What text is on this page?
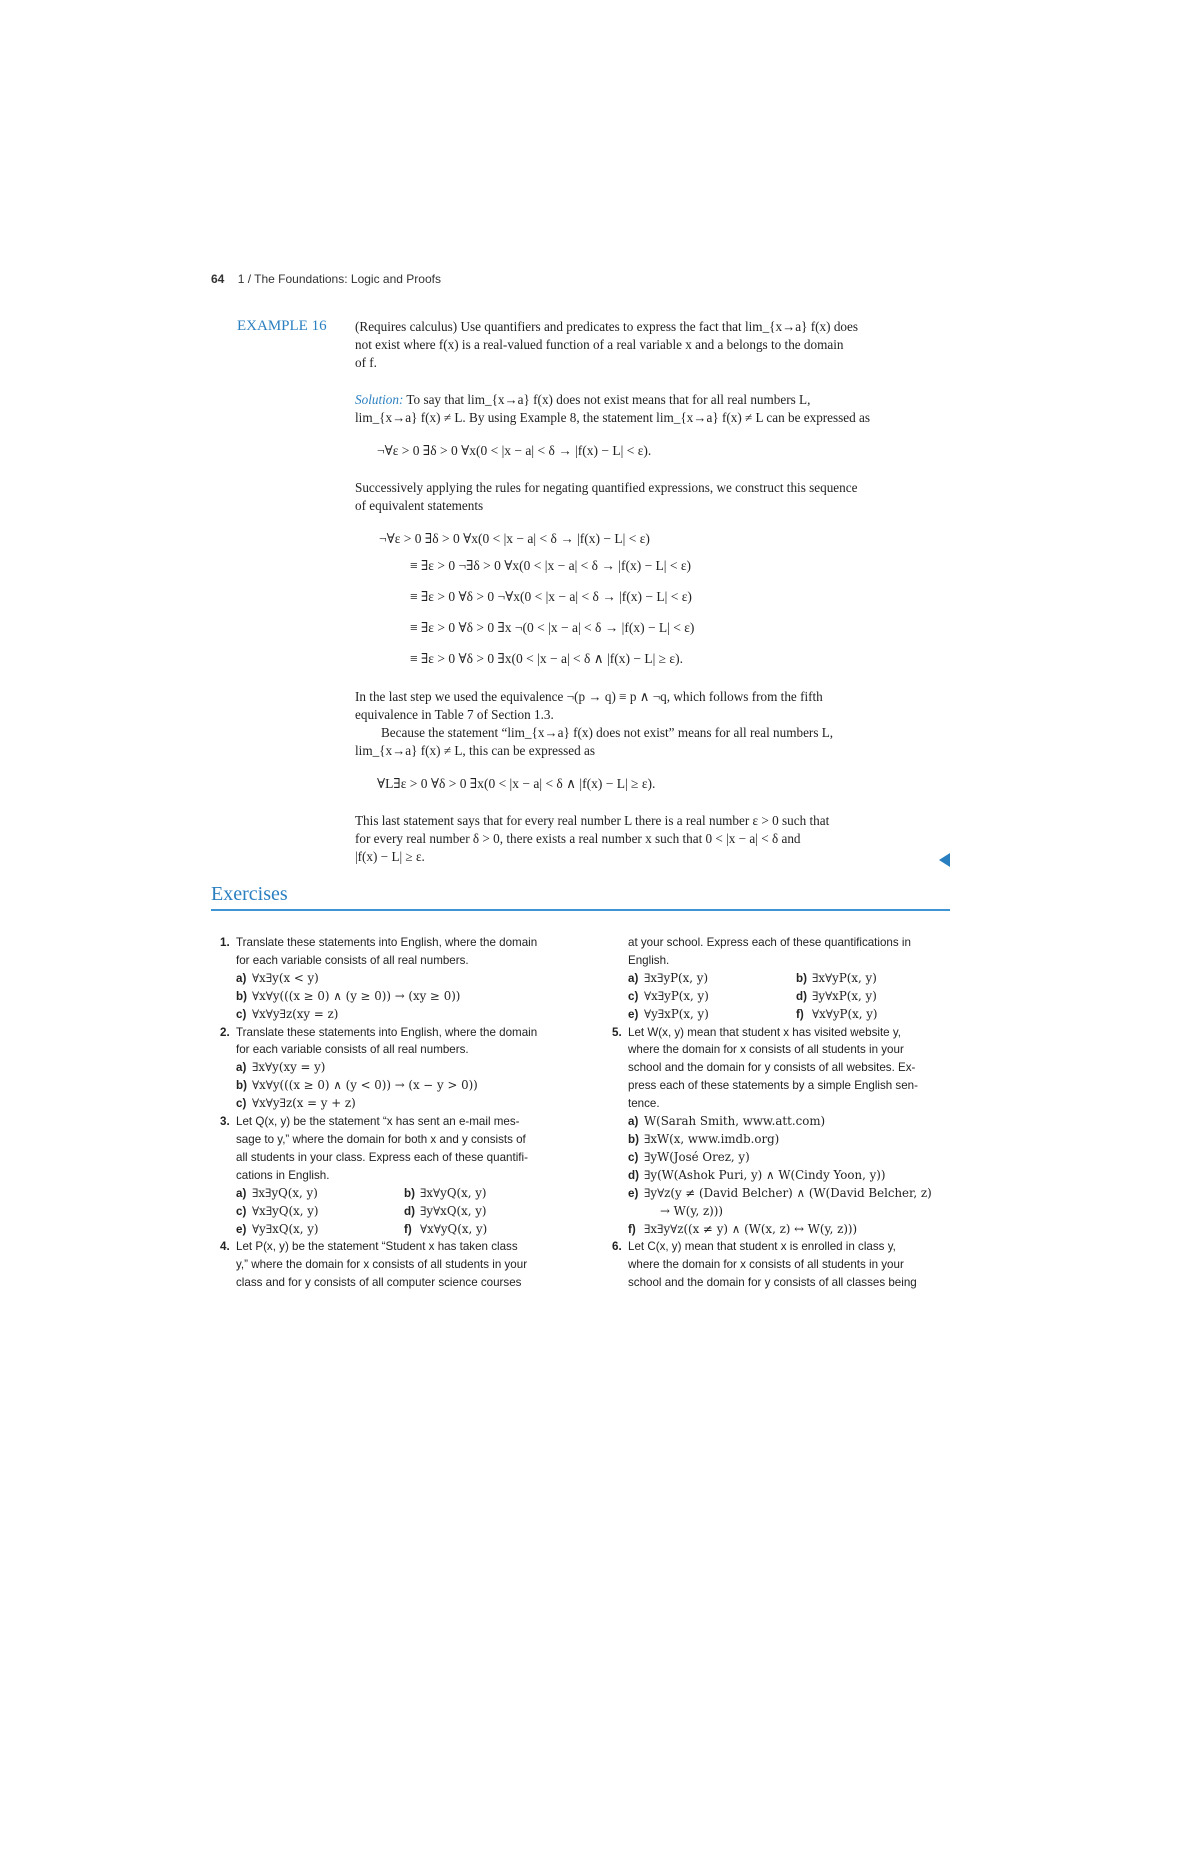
64 1 / The Foundations: Logic and Proofs
EXAMPLE 16 (Requires calculus) Use quantifiers and predicates to express the fact that lim_{x→a} f(x) does
not exist where f(x) is a real-valued function of a real variable x and a belongs to the domain
of f.
Solution: To say that lim_{x→a} f(x) does not exist means that for all real numbers L,
lim_{x→a} f(x) ≠ L. By using Example 8, the statement lim_{x→a} f(x) ≠ L can be expressed as
¬∀ε > 0 ∃δ > 0 ∀x(0 < |x − a| < δ → |f(x) − L| < ε).
Successively applying the rules for negating quantified expressions, we construct this sequence
of equivalent statements
¬∀ε > 0 ∃δ > 0 ∀x(0 < |x − a| < δ → |f(x) − L| < ε)
≡ ∃ε > 0 ¬∃δ > 0 ∀x(0 < |x − a| < δ → |f(x) − L| < ε)
≡ ∃ε > 0 ∀δ > 0 ¬∀x(0 < |x − a| < δ → |f(x) − L| < ε)
≡ ∃ε > 0 ∀δ > 0 ∃x ¬(0 < |x − a| < δ → |f(x) − L| < ε)
≡ ∃ε > 0 ∀δ > 0 ∃x(0 < |x − a| < δ ∧ |f(x) − L| ≥ ε).
In the last step we used the equivalence ¬(p → q) ≡ p ∧ ¬q, which follows from the fifth
equivalence in Table 7 of Section 1.3.
Because the statement “lim_{x→a} f(x) does not exist” means for all real numbers L,
lim_{x→a} f(x) ≠ L, this can be expressed as
∀L∃ε > 0 ∀δ > 0 ∃x(0 < |x − a| < δ ∧ |f(x) − L| ≥ ε).
This last statement says that for every real number L there is a real number ε > 0 such that
for every real number δ > 0, there exists a real number x such that 0 < |x − a| < δ and
|f(x) − L| ≥ ε.
Exercises
1. Translate these statements into English, where the domain
for each variable consists of all real numbers.
a) ∀x∃y(x < y)
b) ∀x∀y(((x ≥ 0) ∧ (y ≥ 0)) → (xy ≥ 0))
c) ∀x∀y∃z(xy = z)
2. Translate these statements into English, where the domain
for each variable consists of all real numbers.
a) ∃x∀y(xy = y)
b) ∀x∀y(((x ≥ 0) ∧ (y < 0)) → (x − y > 0))
c) ∀x∀y∃z(x = y + z)
3. Let Q(x, y) be the statement “x has sent an e-mail mes-
sage to y,” where the domain for both x and y consists of
all students in your class. Express each of these quantifi-
cations in English.
a) ∃x∃yQ(x, y)	b) ∃x∀yQ(x, y)
c) ∀x∃yQ(x, y)	d) ∃y∀xQ(x, y)
e) ∀y∃xQ(x, y)	f) ∀x∀yQ(x, y)
4. Let P(x, y) be the statement “Student x has taken class
y,” where the domain for x consists of all students in your
class and for y consists of all computer science courses
at your school. Express each of these quantifications in
English.
a) ∃x∃yP(x, y)	b) ∃x∀yP(x, y)
c) ∀x∃yP(x, y)	d) ∃y∀xP(x, y)
e) ∀y∃xP(x, y)	f) ∀x∀yP(x, y)
5. Let W(x, y) mean that student x has visited website y,
where the domain for x consists of all students in your
school and the domain for y consists of all websites. Ex-
press each of these statements by a simple English sen-
tence.
a) W(Sarah Smith, www.att.com)
b) ∃xW(x, www.imdb.org)
c) ∃yW(José Orez, y)
d) ∃y(W(Ashok Puri, y) ∧ W(Cindy Yoon, y))
e) ∃y∀z(y ≠ (David Belcher) ∧ (W(David Belcher, z)
→ W(y, z)))
f) ∃x∃y∀z((x ≠ y) ∧ (W(x, z) ↔ W(y, z)))
6. Let C(x, y) mean that student x is enrolled in class y,
where the domain for x consists of all students in your
school and the domain for y consists of all classes being
